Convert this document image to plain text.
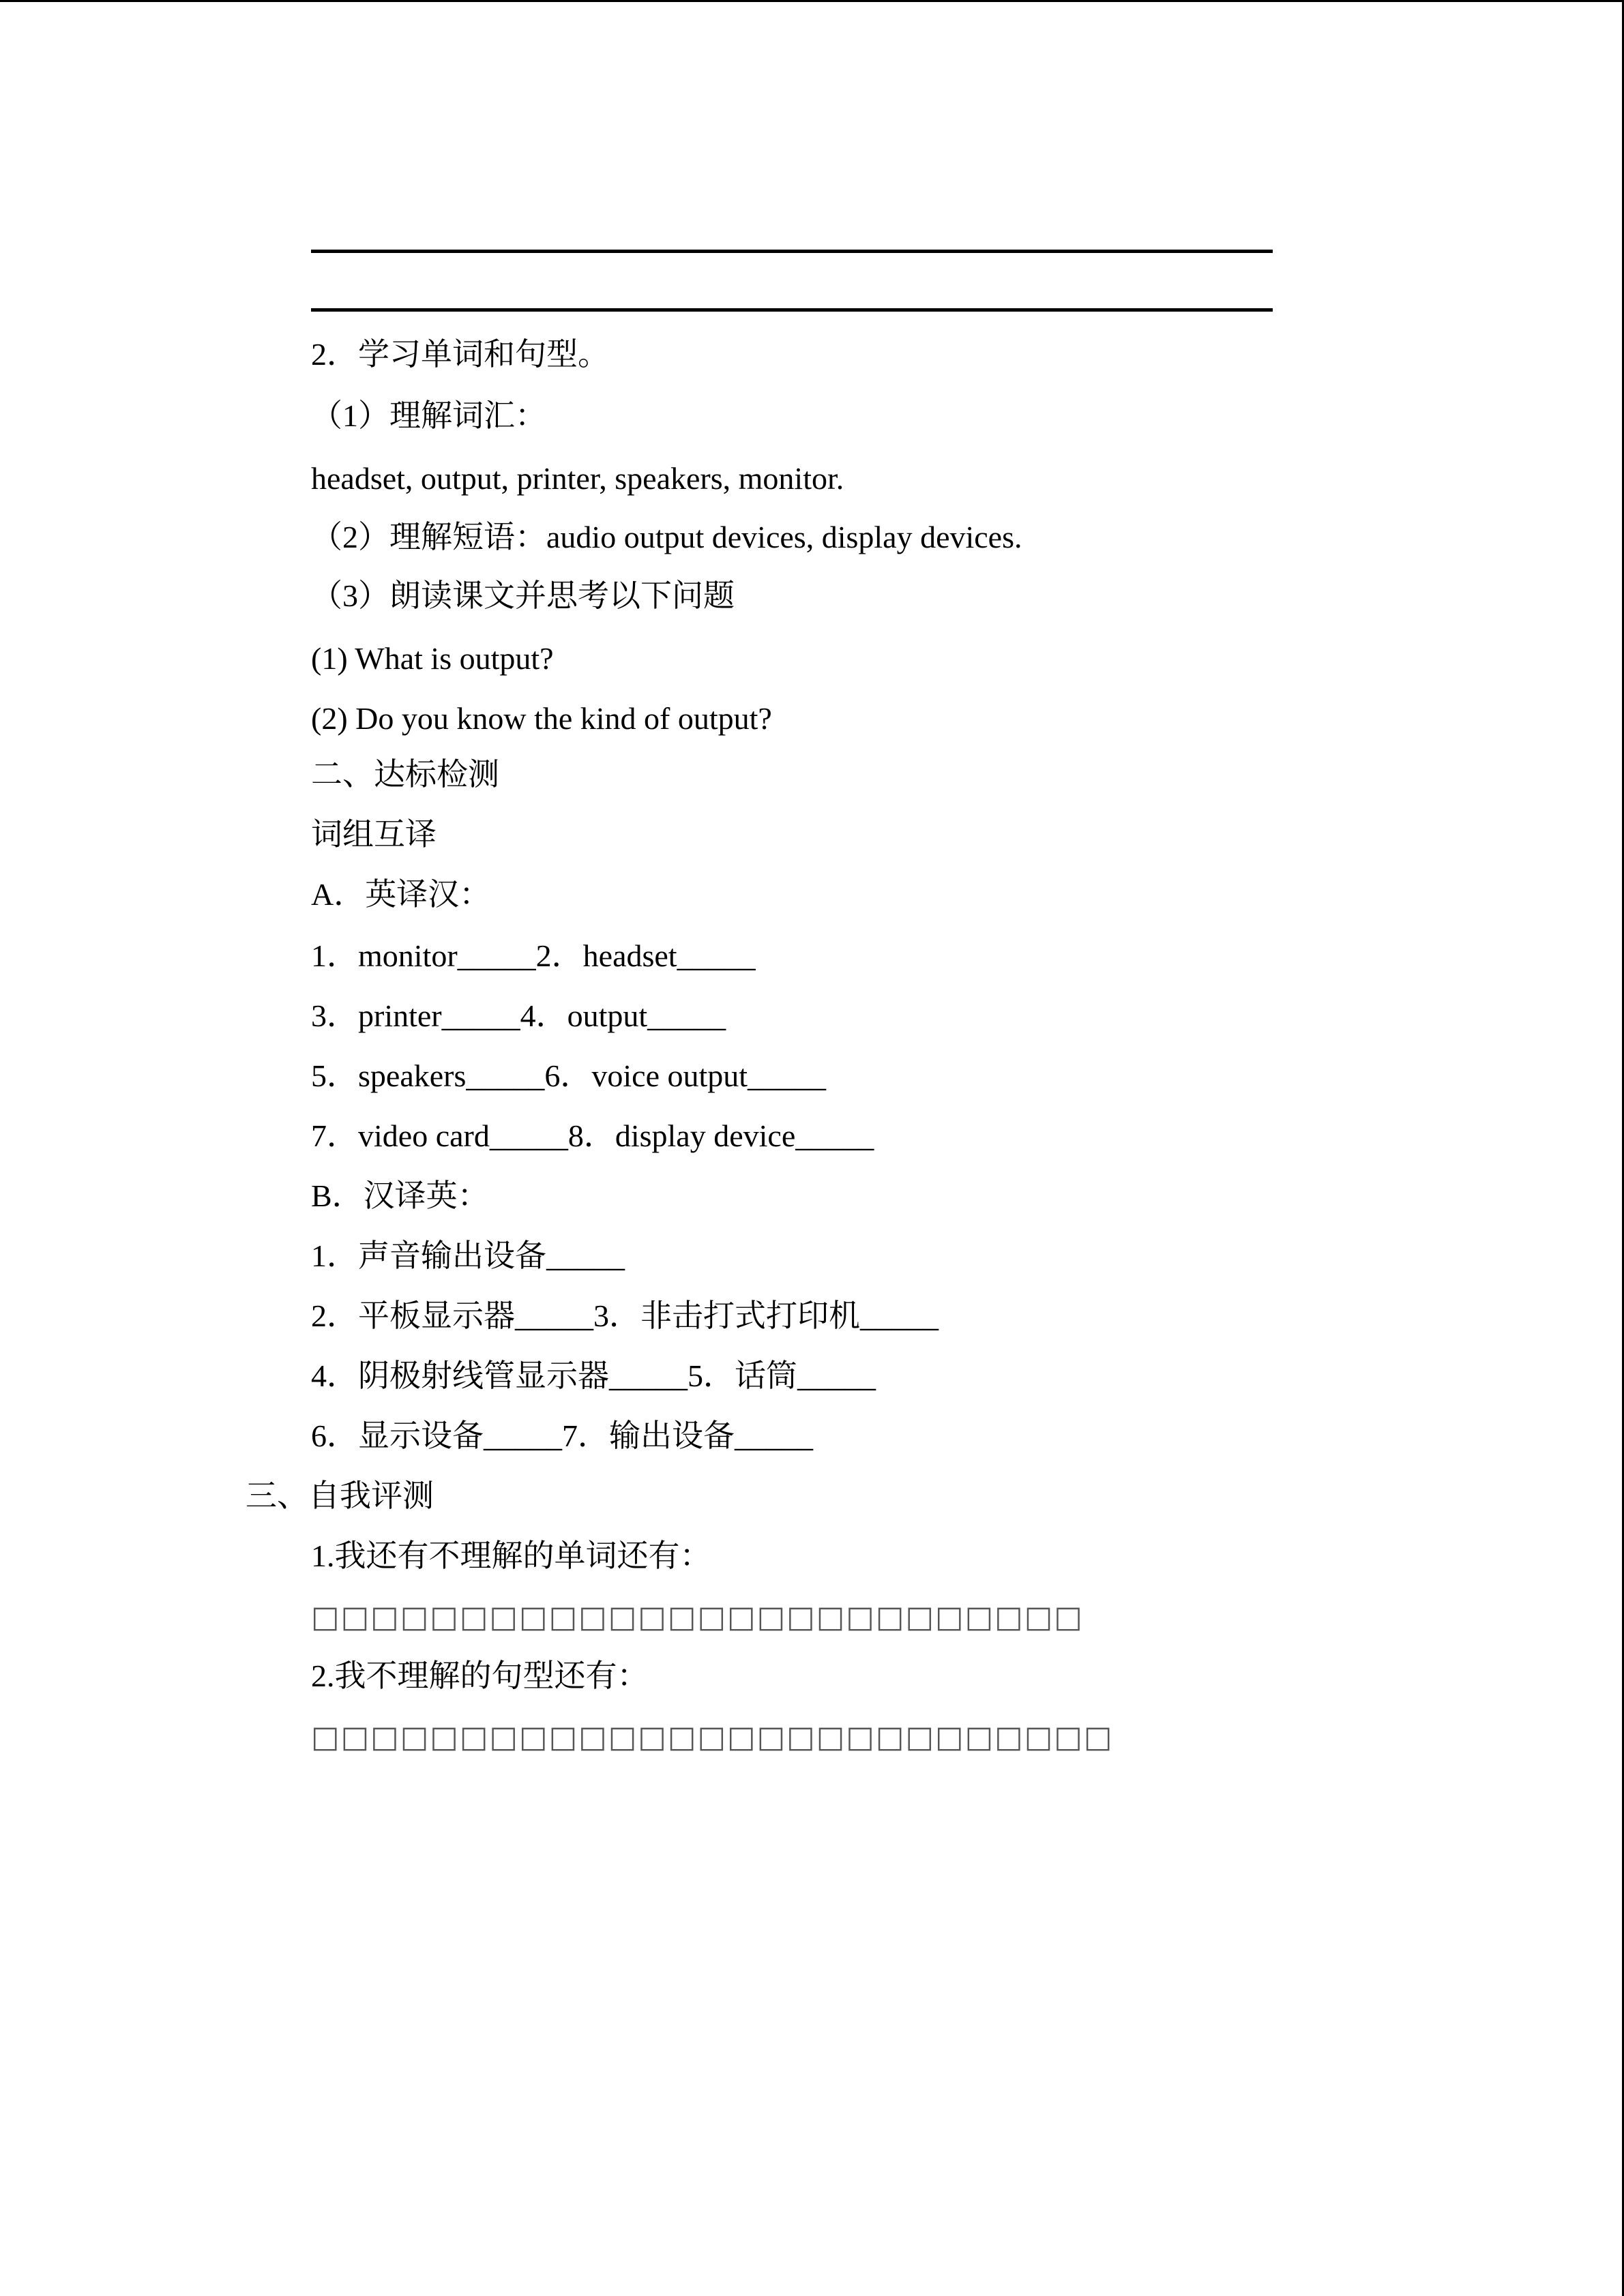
2．学习单词和句型。
（1）理解词汇：
headset, output, printer, speakers, monitor.
（2）理解短语：audio output devices, display devices.
（3）朗读课文并思考以下问题
(1) What is output?
(2) Do you know the kind of output?
二、达标检测
词组互译
A．英译汉：
1．monitor_____2．headset_____
3．printer_____4．output_____
5．speakers_____6．voice output_____
7．video card_____8．display device_____
B．汉译英：
1．声音输出设备_____
2．平板显示器_____3．非击打式打印机_____
4．阴极射线管显示器_____5．话筒_____
6．显示设备_____7．输出设备_____
三、自我评测
1.我还有不理解的单词还有：
□□□□□□□□□□□□□□□□□□□□□□□□□□
2.我不理解的句型还有：
□□□□□□□□□□□□□□□□□□□□□□□□□□□
